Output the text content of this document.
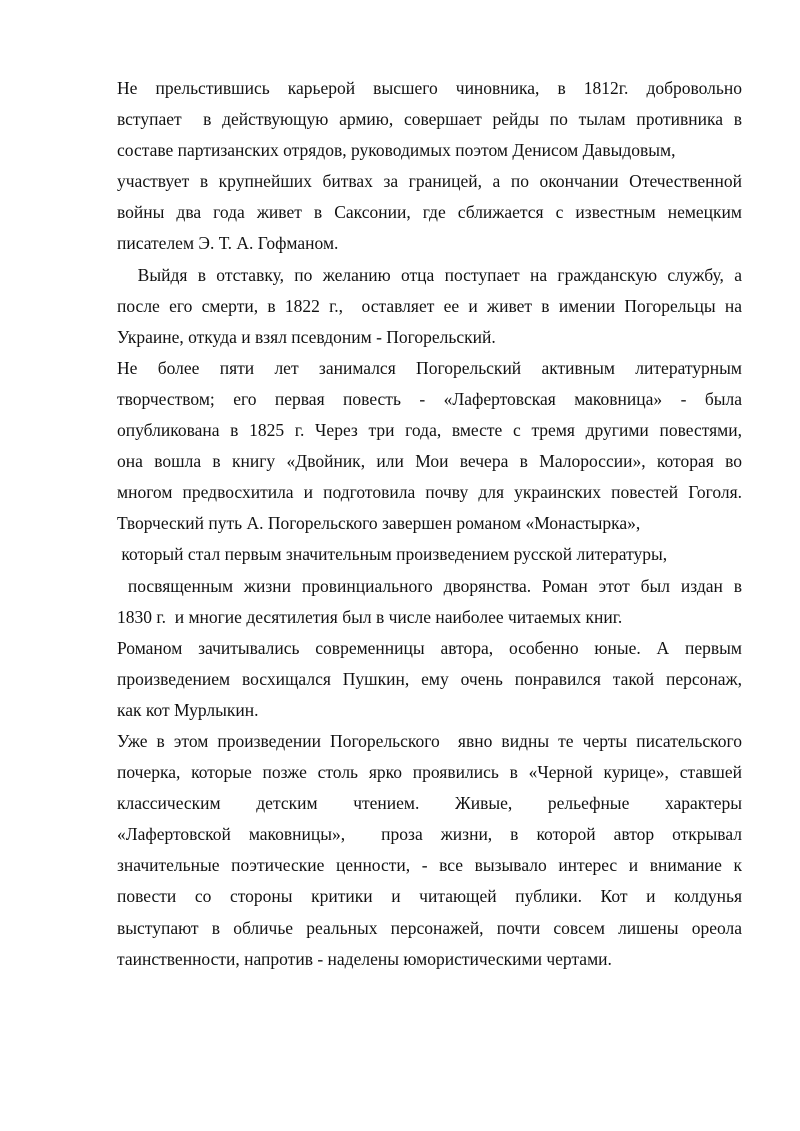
Не прельстившись карьерой высшего чиновника, в 1812г. добровольно
вступает  в действующую армию, совершает рейды по тылам противника в
составе партизанских отрядов, руководимых поэтом Денисом Давыдовым,
участвует в крупнейших битвах за границей, а по окончании Отечественной
войны два года живет в Саксонии, где сближается с известным немецким
писателем Э. Т. А. Гофманом.
Выйдя в отставку, по желанию отца поступает на гражданскую службу, а
после его смерти, в 1822 г.,  оставляет ее и живет в имении Погорельцы на
Украине, откуда и взял псевдоним - Погорельский.
Не более пяти лет занимался Погорельский активным литературным
творчеством; его первая повесть - «Лафертовская маковница» - была
опубликована в 1825 г. Через три года, вместе с тремя другими повестями,
она вошла в книгу «Двойник, или Мои вечера в Малороссии», которая во
многом предвосхитила и подготовила почву для украинских повестей Гоголя.
Творческий путь А. Погорельского завершен романом «Монастырка»,
который стал первым значительным произведением русской литературы,
посвященным жизни провинциального дворянства. Роман этот был издан в
1830 г.  и многие десятилетия был в числе наиболее читаемых книг.
Романом зачитывались современницы автора, особенно юные. А первым
произведением восхищался Пушкин, ему очень понравился такой персонаж,
как кот Мурлыкин.
Уже в этом произведении Погорельского  явно видны те черты писательского
почерка, которые позже столь ярко проявились в «Черной курице», ставшей
классическим детским чтением. Живые, рельефные характеры
«Лафертовской маковницы»,  проза жизни, в которой автор открывал
значительные поэтические ценности, - все вызывало интерес и внимание к
повести со стороны критики и читающей публики. Кот и колдунья
выступают в обличье реальных персонажей, почти совсем лишены ореола
таинственности, напротив - наделены юмористическими чертами.
